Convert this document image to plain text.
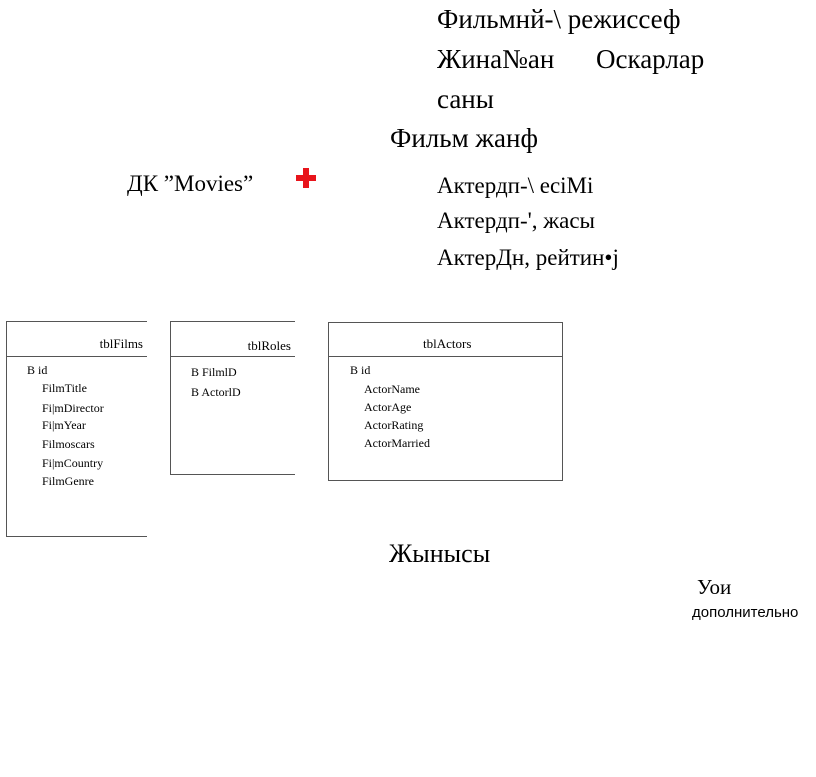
Фильмнй-\ режиссеф
Жина№ан Оскарлар
саны
Фильм жанф
Актердп-\ ecіMi
Актердп-', жасы
АктерДн, рейтин•j
ДК ”Movies”
tblFilms
B id
FilmTitle
Fi|mDirector
Fi|mYear
Filmoscars
Fi|mCountry
FilmGenre
tblRoles
B FilmlD
B ActorlD
tblActors
B id
ActorName
ActorAge
ActorRating
ActorMarried
Жынысы
Уои
дополнительно
